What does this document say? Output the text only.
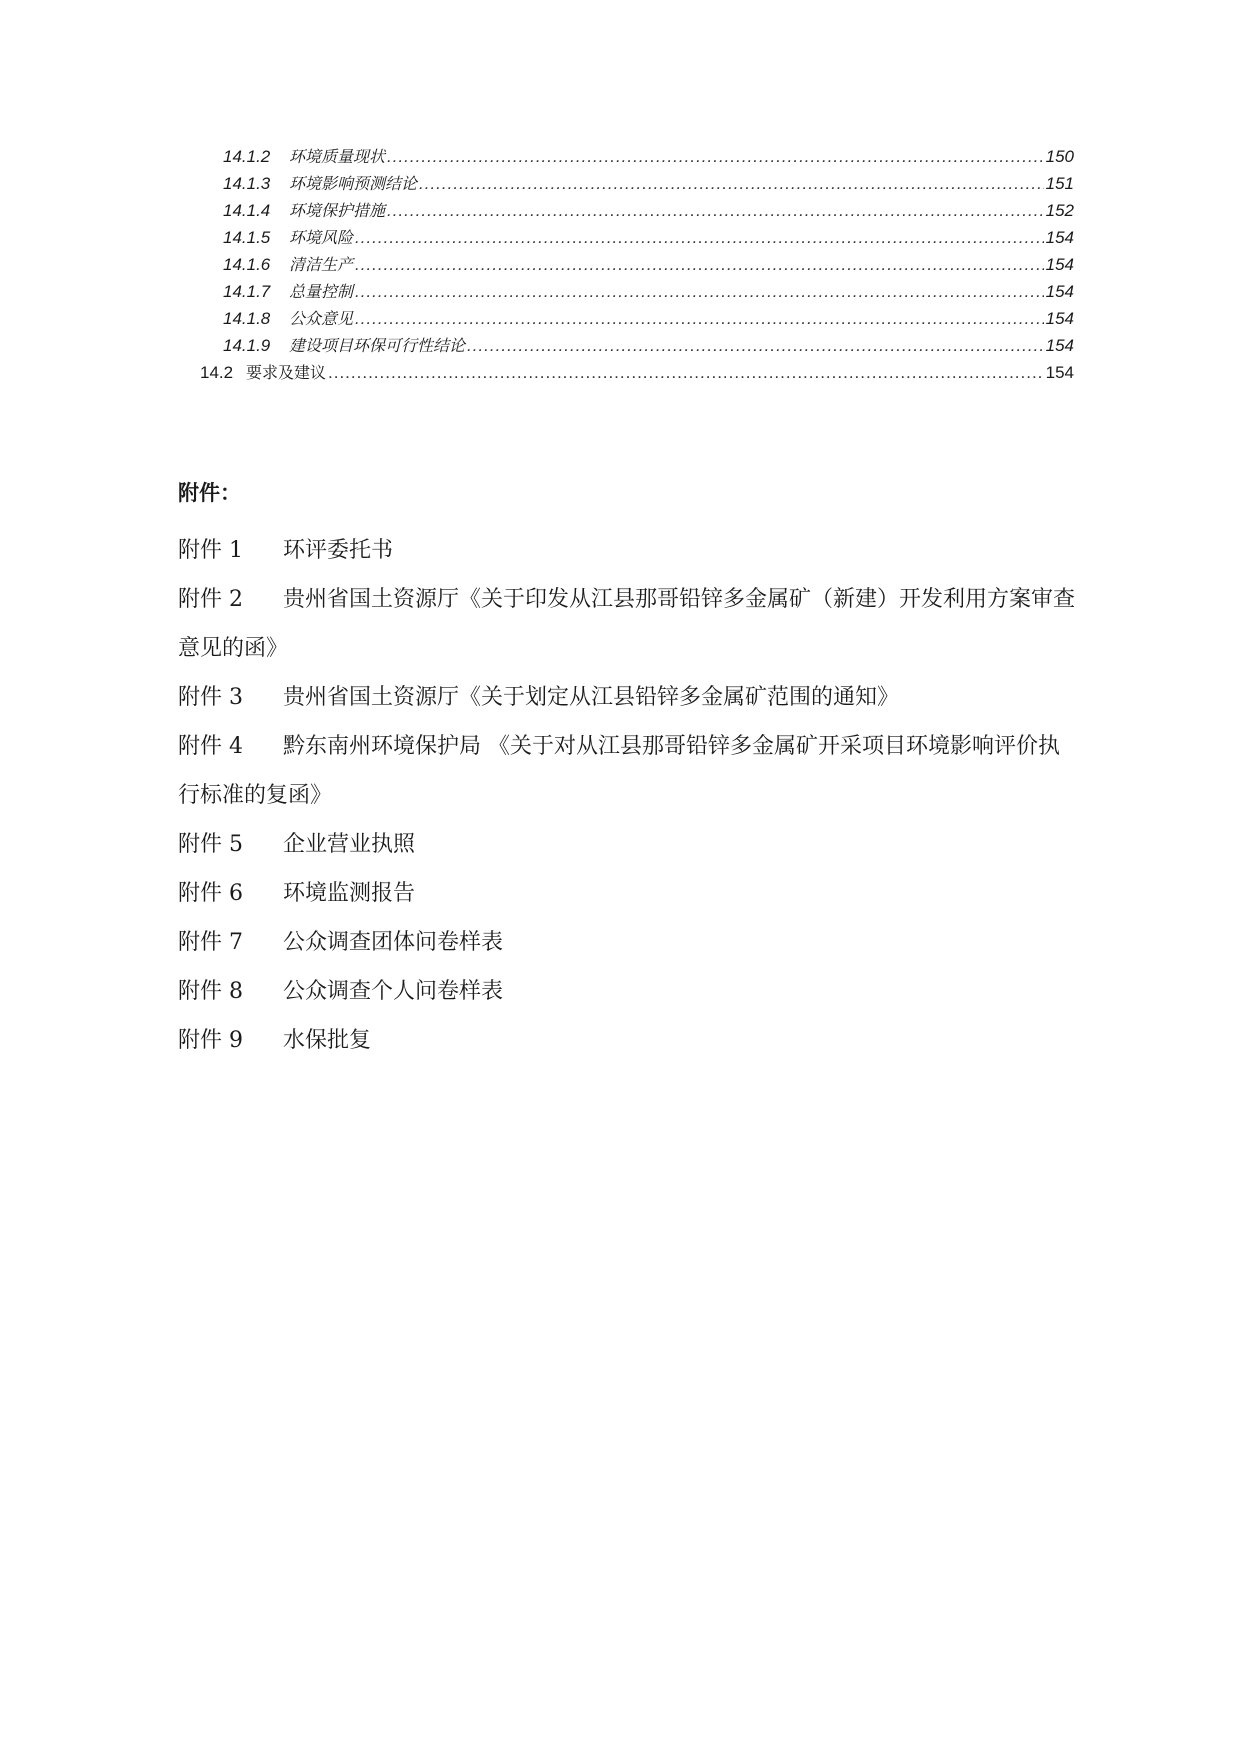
14.1.2	环境质量现状 .....	150
14.1.3	环境影响预测结论 .....	151
14.1.4	环境保护措施 .....	152
14.1.5	环境风险 .....	154
14.1.6	清洁生产 .....	154
14.1.7	总量控制 .....	154
14.1.8	公众意见 .....	154
14.1.9	建设项目环保可行性结论 .....	154
14.2 要求及建议 .....	154
附件：
附件 1	环评委托书
附件 2 贵州省国土资源厅《关于印发从江县那哥铅锌多金属矿（新建）开发利用方案审查意见的函》
附件 3	贵州省国土资源厅《关于划定从江县铅锌多金属矿范围的通知》
附件 4 黔东南州环境保护局 《关于对从江县那哥铅锌多金属矿开采项目环境影响评价执行标准的复函》
附件 5	企业营业执照
附件 6	环境监测报告
附件 7	公众调查团体问卷样表
附件 8	公众调查个人问卷样表
附件 9	水保批复
